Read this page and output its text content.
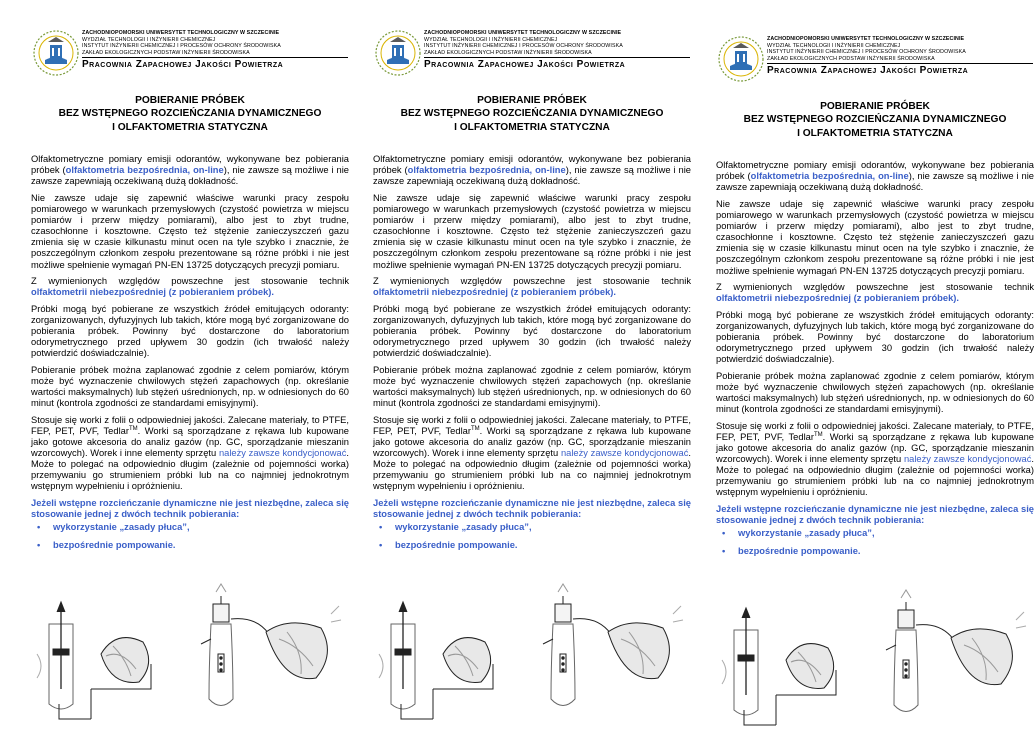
ZACHODNIOPOMORSKI UNIWERSYTET TECHNOLOGICZNY W SZCZECINIE
WYDZIAŁ TECHNOLOGII I INŻYNIERII CHEMICZNEJ
INSTYTUT INŻYNIERII CHEMICZNEJ I PROCESÓW OCHRONY ŚRODOWISKA
ZAKŁAD EKOLOGICZNYCH PODSTAW INŻYNIERII ŚRODOWISKA
Pracownia Zapachowej Jakości Powietrza
POBIERANIE PRÓBEK
BEZ WSTĘPNEGO ROZCIEŃCZANIA DYNAMICZNEGO
I OLFAKTOMETRIA STATYCZNA

Olfaktometryczne pomiary emisji odorantów, wykonywane bez pobierania próbek (olfaktometria bezpośrednia, on-line), nie zawsze są możliwe i nie zawsze zapewniają oczekiwaną dużą dokładność.

Nie zawsze udaje się zapewnić właściwe warunki pracy zespołu pomiarowego w warunkach przemysłowych (czystość powietrza w miejscu pomiarów i przerw między pomiarami), albo jest to zbyt trudne, czasochłonne i kosztowne. Często też stężenie zanieczyszczeń gazu zmienia się w czasie kilkunastu minut ocen na tyle szybko i znacznie, że poszczególnym członkom zespołu prezentowane są różne próbki i nie jest możliwe spełnienie wymagań PN-EN 13725 dotyczących precyzji pomiaru.

Z wymienionych względów powszechne jest stosowanie technik olfaktometrii niebezpośredniej (z pobieraniem próbek).

Próbki mogą być pobierane ze wszystkich źródeł emitujących odoranty: zorganizowanych, dyfuzyjnych lub takich, które mogą być zorganizowane do pobierania próbek. Powinny być dostarczone do laboratorium odorymetrycznego przed upływem 30 godzin (ich trwałość należy potwierdzić doświadczalnie).

Pobieranie próbek można zaplanować zgodnie z celem pomiarów, którym może być wyznaczenie chwilowych stężeń zapachowych (np. określanie wartości maksymalnych) lub stężeń uśrednionych, np. w odniesionych do 60 minut (kontrola zgodności ze standardami emisyjnymi).

Stosuje się worki z folii o odpowiedniej jakości. Zalecane materiały, to PTFE, FEP, PET, PVF, Tedlar™. Worki są sporządzane z rękawa lub kupowane jako gotowe akcesoria do analiz gazów (np. GC, sporządzanie mieszanin wzorcowych). Worek i inne elementy sprzętu należy zawsze kondycjonować. Może to polegać na odpowiednio długim (zależnie od pojemności worka) przemywaniu go strumieniem próbki lub na co najmniej jednokrotnym wstępnym wypełnieniu i opróżnieniu.

Jeżeli wstępne rozcieńczanie dynamiczne nie jest niezbędne, zaleca się stosowanie jednej z dwóch technik pobierania:

• wykorzystanie „zasady płuca”,
• bezpośrednie pompowanie.
ZACHODNIOPOMORSKI UNIWERSYTET TECHNOLOGICZNY W SZCZECINIE
WYDZIAŁ TECHNOLOGII I INŻYNIERII CHEMICZNEJ
INSTYTUT INŻYNIERII CHEMICZNEJ I PROCESÓW OCHRONY ŚRODOWISKA
ZAKŁAD EKOLOGICZNYCH PODSTAW INŻYNIERII ŚRODOWISKA
Pracownia Zapachowej Jakości Powietrza
POBIERANIE PRÓBEK
BEZ WSTĘPNEGO ROZCIEŃCZANIA DYNAMICZNEGO
I OLFAKTOMETRIA STATYCZNA

Olfaktometryczne pomiary emisji odorantów, wykonywane bez pobierania próbek (olfaktometria bezpośrednia, on-line), nie zawsze są możliwe i nie zawsze zapewniają oczekiwaną dużą dokładność.

Nie zawsze udaje się zapewnić właściwe warunki pracy zespołu pomiarowego w warunkach przemysłowych (czystość powietrza w miejscu pomiarów i przerw między pomiarami), albo jest to zbyt trudne, czasochłonne i kosztowne. Często też stężenie zanieczyszczeń gazu zmienia się w czasie kilkunastu minut ocen na tyle szybko i znacznie, że poszczególnym członkom zespołu prezentowane są różne próbki i nie jest możliwe spełnienie wymagań PN-EN 13725 dotyczących precyzji pomiaru.

Z wymienionych względów powszechne jest stosowanie technik olfaktometrii niebezpośredniej (z pobieraniem próbek).

Próbki mogą być pobierane ze wszystkich źródeł emitujących odoranty: zorganizowanych, dyfuzyjnych lub takich, które mogą być zorganizowane do pobierania próbek. Powinny być dostarczone do laboratorium odorymetrycznego przed upływem 30 godzin (ich trwałość należy potwierdzić doświadczalnie).

Pobieranie próbek można zaplanować zgodnie z celem pomiarów, którym może być wyznaczenie chwilowych stężeń zapachowych (np. określanie wartości maksymalnych) lub stężeń uśrednionych, np. w odniesionych do 60 minut (kontrola zgodności ze standardami emisyjnymi).

Stosuje się worki z folii o odpowiedniej jakości. Zalecane materiały, to PTFE, FEP, PET, PVF, Tedlar™. Worki są sporządzane z rękawa lub kupowane jako gotowe akcesoria do analiz gazów (np. GC, sporządzanie mieszanin wzorcowych). Worek i inne elementy sprzętu należy zawsze kondycjonować. Może to polegać na odpowiednio długim (zależnie od pojemności worka) przemywaniu go strumieniem próbki lub na co najmniej jednokrotnym wstępnym wypełnieniu i opróżnieniu.

Jeżeli wstępne rozcieńczanie dynamiczne nie jest niezbędne, zaleca się stosowanie jednej z dwóch technik pobierania:

• wykorzystanie „zasady płuca”,
• bezpośrednie pompowanie.
ZACHODNIOPOMORSKI UNIWERSYTET TECHNOLOGICZNY W SZCZECINIE
WYDZIAŁ TECHNOLOGII I INŻYNIERII CHEMICZNEJ
INSTYTUT INŻYNIERII CHEMICZNEJ I PROCESÓW OCHRONY ŚRODOWISKA
ZAKŁAD EKOLOGICZNYCH PODSTAW INŻYNIERII ŚRODOWISKA
Pracownia Zapachowej Jakości Powietrza
POBIERANIE PRÓBEK
BEZ WSTĘPNEGO ROZCIEŃCZANIA DYNAMICZNEGO
I OLFAKTOMETRIA STATYCZNA

Olfaktometryczne pomiary emisji odorantów, wykonywane bez pobierania próbek (olfaktometria bezpośrednia, on-line), nie zawsze są możliwe i nie zawsze zapewniają oczekiwaną dużą dokładność.

Nie zawsze udaje się zapewnić właściwe warunki pracy zespołu pomiarowego w warunkach przemysłowych (czystość powietrza w miejscu pomiarów i przerw między pomiarami), albo jest to zbyt trudne, czasochłonne i kosztowne. Często też stężenie zanieczyszczeń gazu zmienia się w czasie kilkunastu minut ocen na tyle szybko i znacznie, że poszczególnym członkom zespołu prezentowane są różne próbki i nie jest możliwe spełnienie wymagań PN-EN 13725 dotyczących precyzji pomiaru.

Z wymienionych względów powszechne jest stosowanie technik olfaktometrii niebezpośredniej (z pobieraniem próbek).

Próbki mogą być pobierane ze wszystkich źródeł emitujących odoranty: zorganizowanych, dyfuzyjnych lub takich, które mogą być zorganizowane do pobierania próbek. Powinny być dostarczone do laboratorium odorymetrycznego przed upływem 30 godzin (ich trwałość należy potwierdzić doświadczalnie).

Pobieranie próbek można zaplanować zgodnie z celem pomiarów, którym może być wyznaczenie chwilowych stężeń zapachowych (np. określanie wartości maksymalnych) lub stężeń uśrednionych, np. w odniesionych do 60 minut (kontrola zgodności ze standardami emisyjnymi).

Stosuje się worki z folii o odpowiedniej jakości. Zalecane materiały, to PTFE, FEP, PET, PVF, Tedlar™. Worki są sporządzane z rękawa lub kupowane jako gotowe akcesoria do analiz gazów (np. GC, sporządzanie mieszanin wzorcowych). Worek i inne elementy sprzętu należy zawsze kondycjonować. Może to polegać na odpowiednio długim (zależnie od pojemności worka) przemywaniu go strumieniem próbki lub na co najmniej jednokrotnym wstępnym wypełnieniu i opróżnieniu.

Jeżeli wstępne rozcieńczanie dynamiczne nie jest niezbędne, zaleca się stosowanie jednej z dwóch technik pobierania:

• wykorzystanie „zasady płuca”,
• bezpośrednie pompowanie.
